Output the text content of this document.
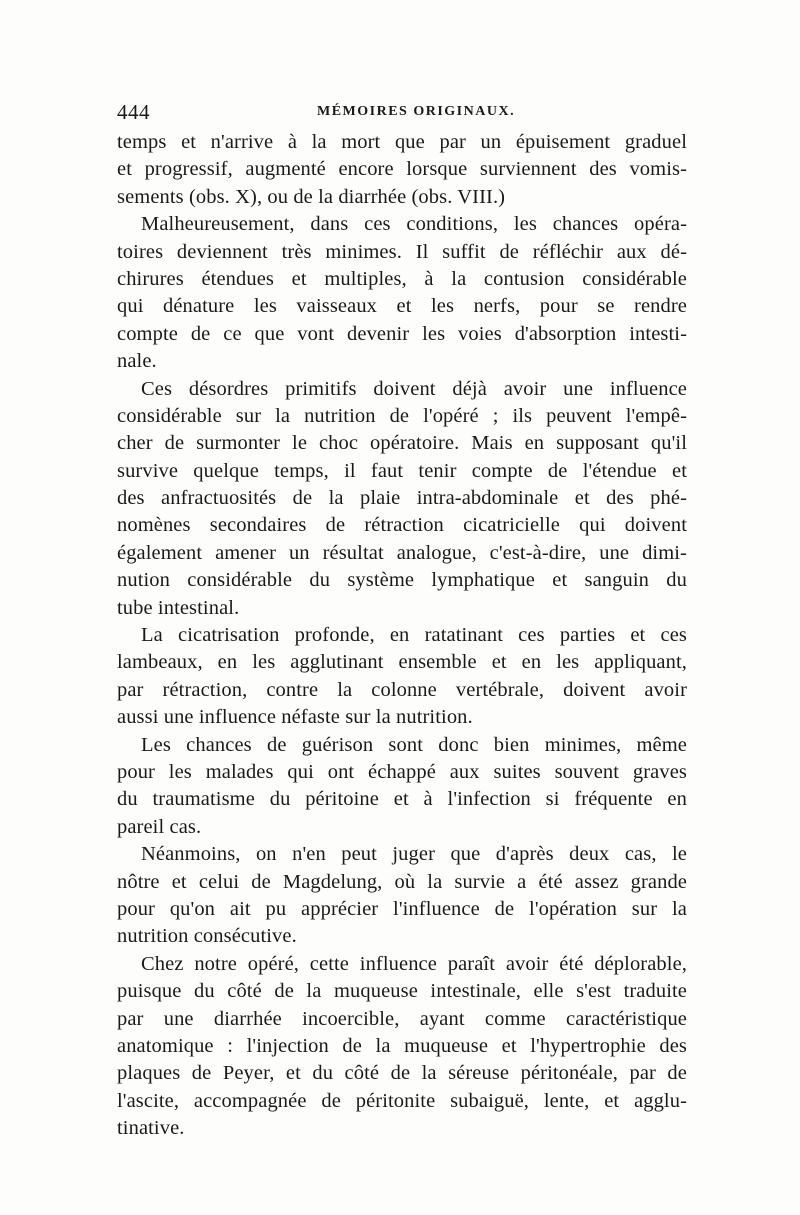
444	MÉMOIRES ORIGINAUX.
temps et n'arrive à la mort que par un épuisement graduel
et progressif, augmenté encore lorsque surviennent des vomis-
sements (obs. X), ou de la diarrhée (obs. VIII.)
Malheureusement, dans ces conditions, les chances opéra-
toires deviennent très minimes. Il suffit de réfléchir aux dé-
chirures étendues et multiples, à la contusion considérable
qui dénature les vaisseaux et les nerfs, pour se rendre
compte de ce que vont devenir les voies d'absorption intesti-
nale.
Ces désordres primitifs doivent déjà avoir une influence
considérable sur la nutrition de l'opéré ; ils peuvent l'empê-
cher de surmonter le choc opératoire. Mais en supposant qu'il
survive quelque temps, il faut tenir compte de l'étendue et
des anfractuosités de la plaie intra-abdominale et des phé-
nomènes secondaires de rétraction cicatricielle qui doivent
également amener un résultat analogue, c'est-à-dire, une dimi-
nution considérable du système lymphatique et sanguin du
tube intestinal.
La cicatrisation profonde, en ratatinant ces parties et ces
lambeaux, en les agglutinant ensemble et en les appliquant,
par rétraction, contre la colonne vertébrale, doivent avoir
aussi une influence néfaste sur la nutrition.
Les chances de guérison sont donc bien minimes, même
pour les malades qui ont échappé aux suites souvent graves
du traumatisme du péritoine et à l'infection si fréquente en
pareil cas.
Néanmoins, on n'en peut juger que d'après deux cas, le
nôtre et celui de Magdelung, où la survie a été assez grande
pour qu'on ait pu apprécier l'influence de l'opération sur la
nutrition consécutive.
Chez notre opéré, cette influence paraît avoir été déplorable,
puisque du côté de la muqueuse intestinale, elle s'est traduite
par une diarrhée incoercible, ayant comme caractéristique
anatomique : l'injection de la muqueuse et l'hypertrophie des
plaques de Peyer, et du côté de la séreuse péritonéale, par de
l'ascite, accompagnée de péritonite subaiguë, lente, et agglu-
tinative.
